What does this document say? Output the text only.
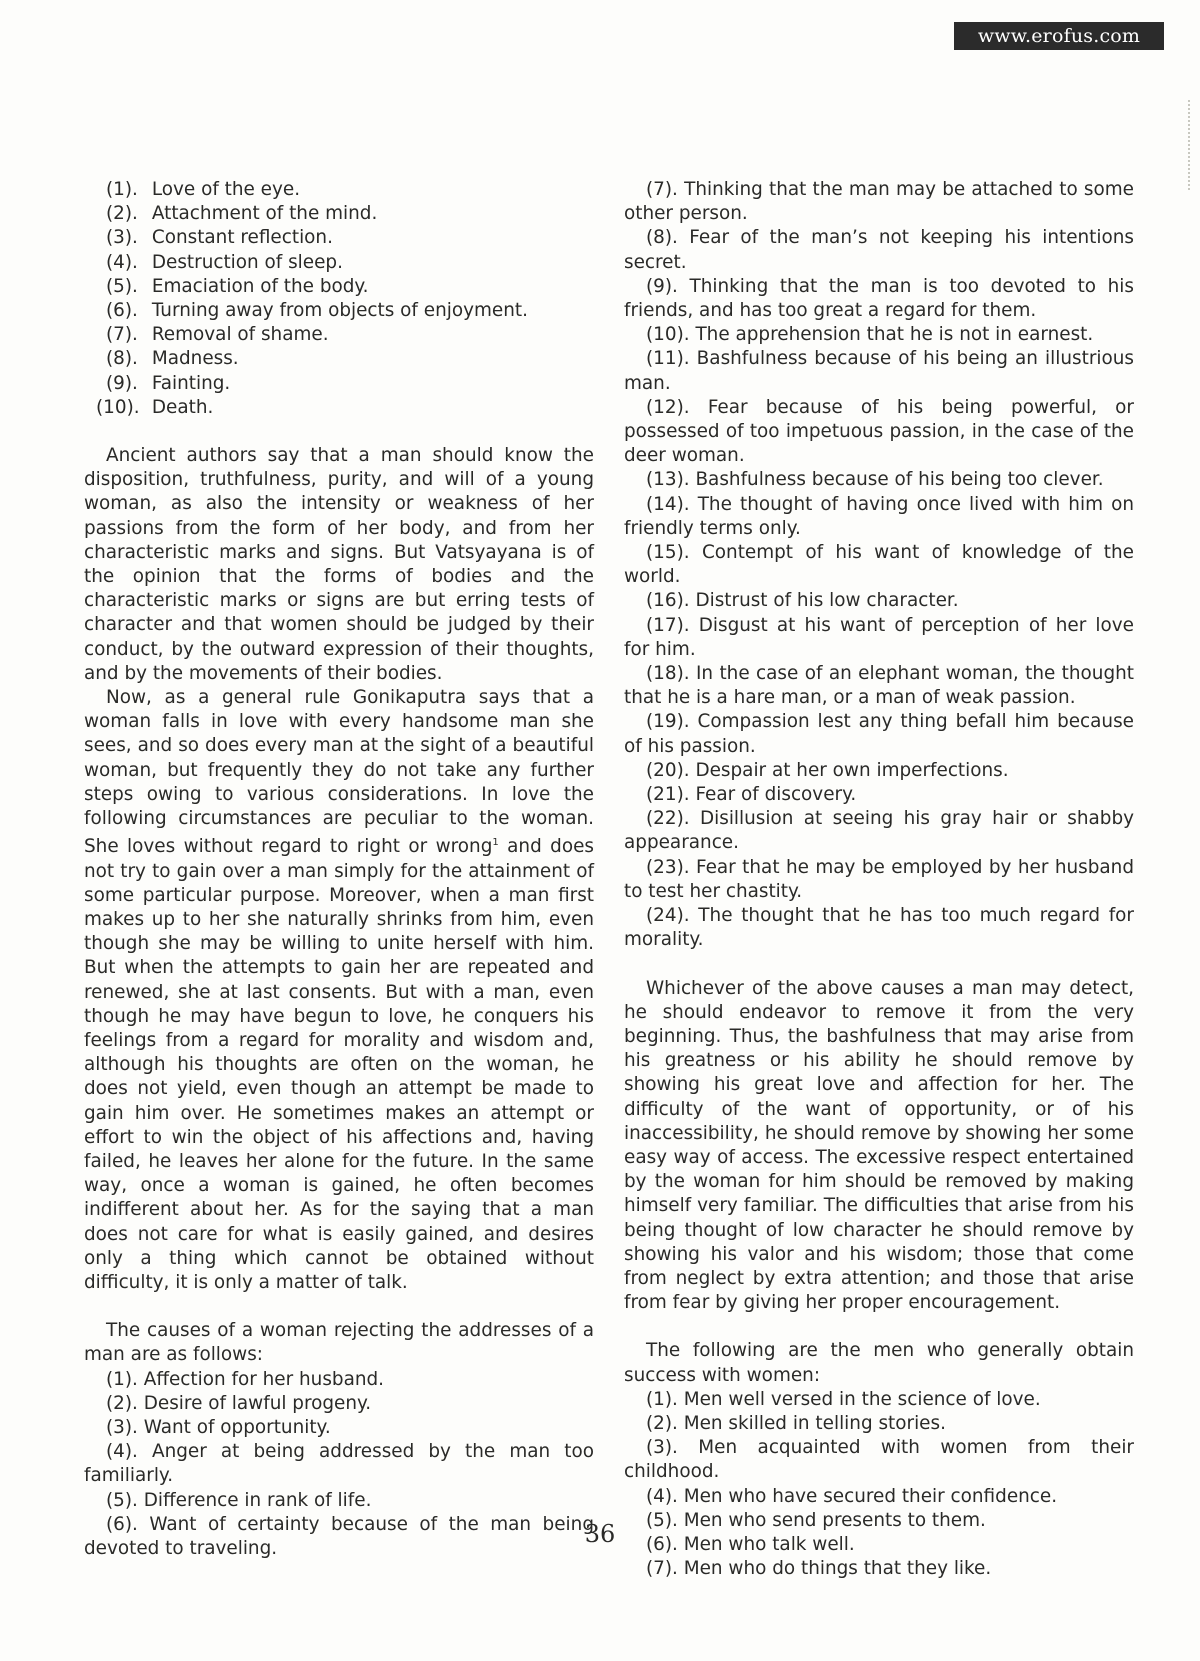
www.erofus.com
(1). Love of the eye.
(2). Attachment of the mind.
(3). Constant reflection.
(4). Destruction of sleep.
(5). Emaciation of the body.
(6). Turning away from objects of enjoyment.
(7). Removal of shame.
(8). Madness.
(9). Fainting.
(10). Death.

Ancient authors say that a man should know the disposition, truthfulness, purity, and will of a young woman, as also the intensity or weakness of her passions from the form of her body, and from her characteristic marks and signs. But Vatsyayana is of the opinion that the forms of bodies and the characteristic marks or signs are but erring tests of character and that women should be judged by their conduct, by the outward expression of their thoughts, and by the movements of their bodies.

Now, as a general rule Gonikaputra says that a woman falls in love with every handsome man she sees, and so does every man at the sight of a beautiful woman, but frequently they do not take any further steps owing to various considerations. In love the following circumstances are peculiar to the woman. She loves without regard to right or wrong$^1$ and does not try to gain over a man simply for the attainment of some particular purpose. Moreover, when a man first makes up to her she naturally shrinks from him, even though she may be willing to unite herself with him. But when the attempts to gain her are repeated and renewed, she at last consents. But with a man, even though he may have begun to love, he conquers his feelings from a regard for morality and wisdom and, although his thoughts are often on the woman, he does not yield, even though an attempt be made to gain him over. He sometimes makes an attempt or effort to win the object of his affections and, having failed, he leaves her alone for the future. In the same way, once a woman is gained, he often becomes indifferent about her. As for the saying that a man does not care for what is easily gained, and desires only a thing which cannot be obtained without difficulty, it is only a matter of talk.

The causes of a woman rejecting the addresses of a man are as follows:

(1). Affection for her husband.

(2). Desire of lawful progeny.

(3). Want of opportunity.

(4). Anger at being addressed by the man too familiarly.

(5). Difference in rank of life.

(6). Want of certainty because of the man being devoted to traveling.

(7). Thinking that the man may be attached to some other person.

(8). Fear of the man’s not keeping his intentions secret.

(9). Thinking that the man is too devoted to his friends, and has too great a regard for them.

(10). The apprehension that he is not in earnest.

(11). Bashfulness because of his being an illustrious man.

(12). Fear because of his being powerful, or possessed of too impetuous passion, in the case of the deer woman.

(13). Bashfulness because of his being too clever.

(14). The thought of having once lived with him on friendly terms only.

(15). Contempt of his want of knowledge of the world.

(16). Distrust of his low character.

(17). Disgust at his want of perception of her love for him.

(18). In the case of an elephant woman, the thought that he is a hare man, or a man of weak passion.

(19). Compassion lest any thing befall him because of his passion.

(20). Despair at her own imperfections.

(21). Fear of discovery.

(22). Disillusion at seeing his gray hair or shabby appearance.

(23). Fear that he may be employed by her husband to test her chastity.

(24). The thought that he has too much regard for morality.

Whichever of the above causes a man may detect, he should endeavor to remove it from the very beginning. Thus, the bashfulness that may arise from his greatness or his ability he should remove by showing his great love and affection for her. The difficulty of the want of opportunity, or of his inaccessibility, he should remove by showing her some easy way of access. The excessive respect entertained by the woman for him should be removed by making himself very familiar. The difficulties that arise from his being thought of low character he should remove by showing his valor and his wisdom; those that come from neglect by extra attention; and those that arise from fear by giving her proper encouragement.

The following are the men who generally obtain success with women:

(1). Men well versed in the science of love.

(2). Men skilled in telling stories.

(3). Men acquainted with women from their childhood.

(4). Men who have secured their confidence.

(5). Men who send presents to them.

(6). Men who talk well.

(7). Men who do things that they like.

36
